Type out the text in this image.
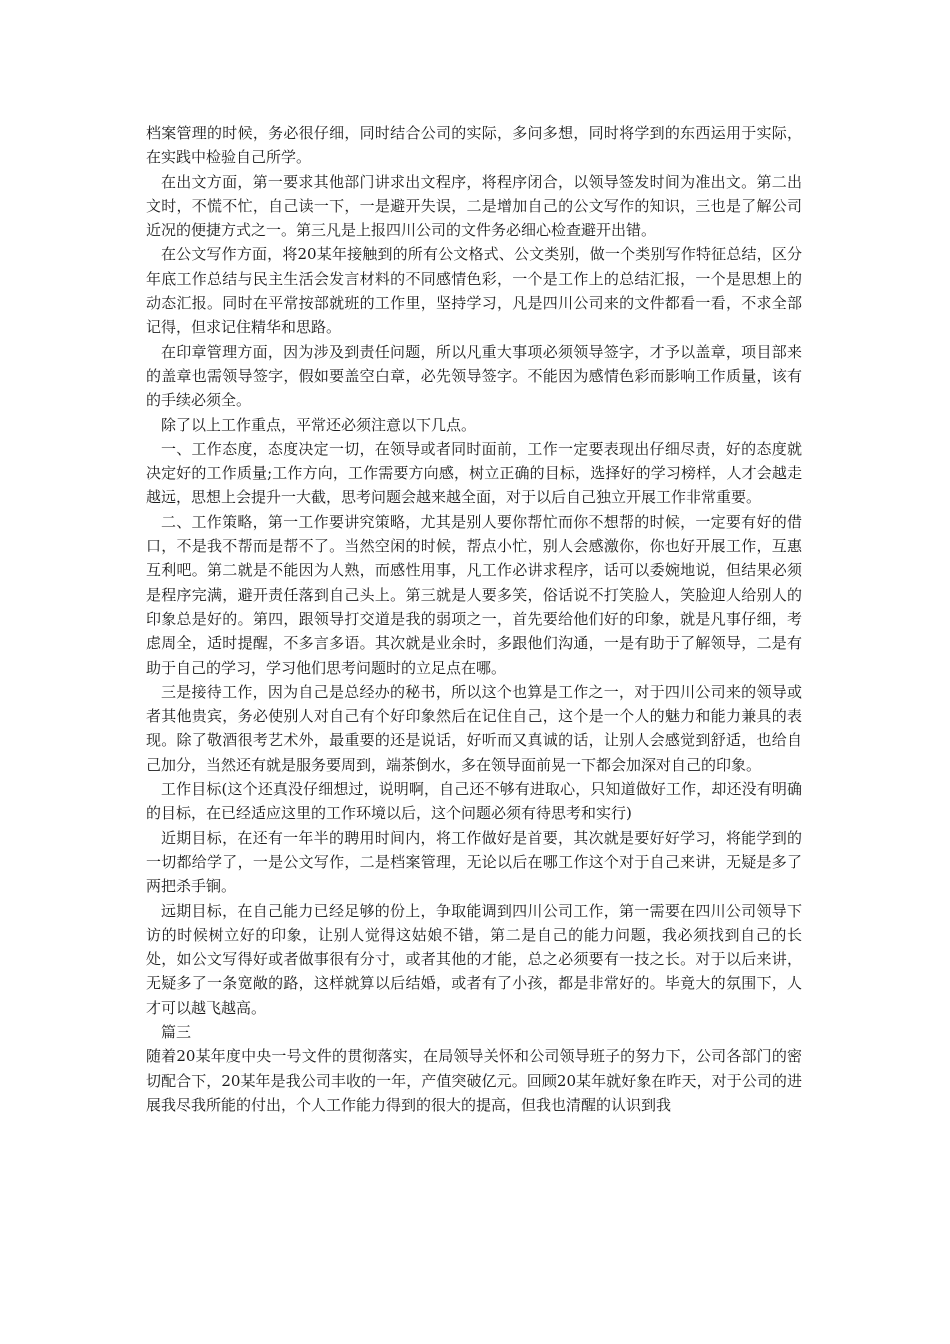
档案管理的时候，务必很仔细，同时结合公司的实际，多问多想，同时将学到的东西运用于实际，在实践中检验自己所学。

在出文方面，第一要求其他部门讲求出文程序，将程序闭合，以领导签发时间为准出文。第二出文时，不慌不忙，自己读一下，一是避开失误，二是增加自己的公文写作的知识，三也是了解公司近况的便捷方式之一。第三凡是上报四川公司的文件务必细心检查避开出错。

在公文写作方面，将20某年接触到的所有公文格式、公文类别，做一个类别写作特征总结，区分年底工作总结与民主生活会发言材料的不同感情色彩，一个是工作上的总结汇报，一个是思想上的动态汇报。同时在平常按部就班的工作里，坚持学习，凡是四川公司来的文件都看一看，不求全部记得，但求记住精华和思路。

在印章管理方面，因为涉及到责任问题，所以凡重大事项必须领导签字，才予以盖章，项目部来的盖章也需领导签字，假如要盖空白章，必先领导签字。不能因为感情色彩而影响工作质量，该有的手续必须全。

除了以上工作重点，平常还必须注意以下几点。

一、工作态度，态度决定一切，在领导或者同时面前，工作一定要表现出仔细尽责，好的态度就决定好的工作质量;工作方向，工作需要方向感，树立正确的目标，选择好的学习榜样，人才会越走越远，思想上会提升一大截，思考问题会越来越全面，对于以后自己独立开展工作非常重要。

二、工作策略，第一工作要讲究策略，尤其是别人要你帮忙而你不想帮的时候，一定要有好的借口，不是我不帮而是帮不了。当然空闲的时候，帮点小忙，别人会感激你，你也好开展工作，互惠互利吧。第二就是不能因为人熟，而感性用事，凡工作必讲求程序，话可以委婉地说，但结果必须是程序完满，避开责任落到自己头上。第三就是人要多笑，俗话说不打笑脸人，笑脸迎人给别人的印象总是好的。第四，跟领导打交道是我的弱项之一，首先要给他们好的印象，就是凡事仔细，考虑周全，适时提醒，不多言多语。其次就是业余时，多跟他们沟通，一是有助于了解领导，二是有助于自己的学习，学习他们思考问题时的立足点在哪。

三是接待工作，因为自己是总经办的秘书，所以这个也算是工作之一，对于四川公司来的领导或者其他贵宾，务必使别人对自己有个好印象然后在记住自己，这个是一个人的魅力和能力兼具的表现。除了敬酒很考艺术外，最重要的还是说话，好听而又真诚的话，让别人会感觉到舒适，也给自己加分，当然还有就是服务要周到，端茶倒水，多在领导面前晃一下都会加深对自己的印象。

工作目标(这个还真没仔细想过，说明啊，自己还不够有进取心，只知道做好工作，却还没有明确的目标，在已经适应这里的工作环境以后，这个问题必须有待思考和实行)

近期目标，在还有一年半的聘用时间内，将工作做好是首要，其次就是要好好学习，将能学到的一切都给学了，一是公文写作，二是档案管理，无论以后在哪工作这个对于自己来讲，无疑是多了两把杀手锏。

远期目标，在自己能力已经足够的份上，争取能调到四川公司工作，第一需要在四川公司领导下访的时候树立好的印象，让别人觉得这姑娘不错，第二是自己的能力问题，我必须找到自己的长处，如公文写得好或者做事很有分寸，或者其他的才能，总之必须要有一技之长。对于以后来讲，无疑多了一条宽敞的路，这样就算以后结婚，或者有了小孩，都是非常好的。毕竟大的氛围下，人才可以越飞越高。

篇三

随着20某年度中央一号文件的贯彻落实，在局领导关怀和公司领导班子的努力下，公司各部门的密切配合下，20某年是我公司丰收的一年，产值突破亿元。回顾20某年就好象在昨天，对于公司的进展我尽我所能的付出，个人工作能力得到的很大的提高，但我也清醒的认识到我
